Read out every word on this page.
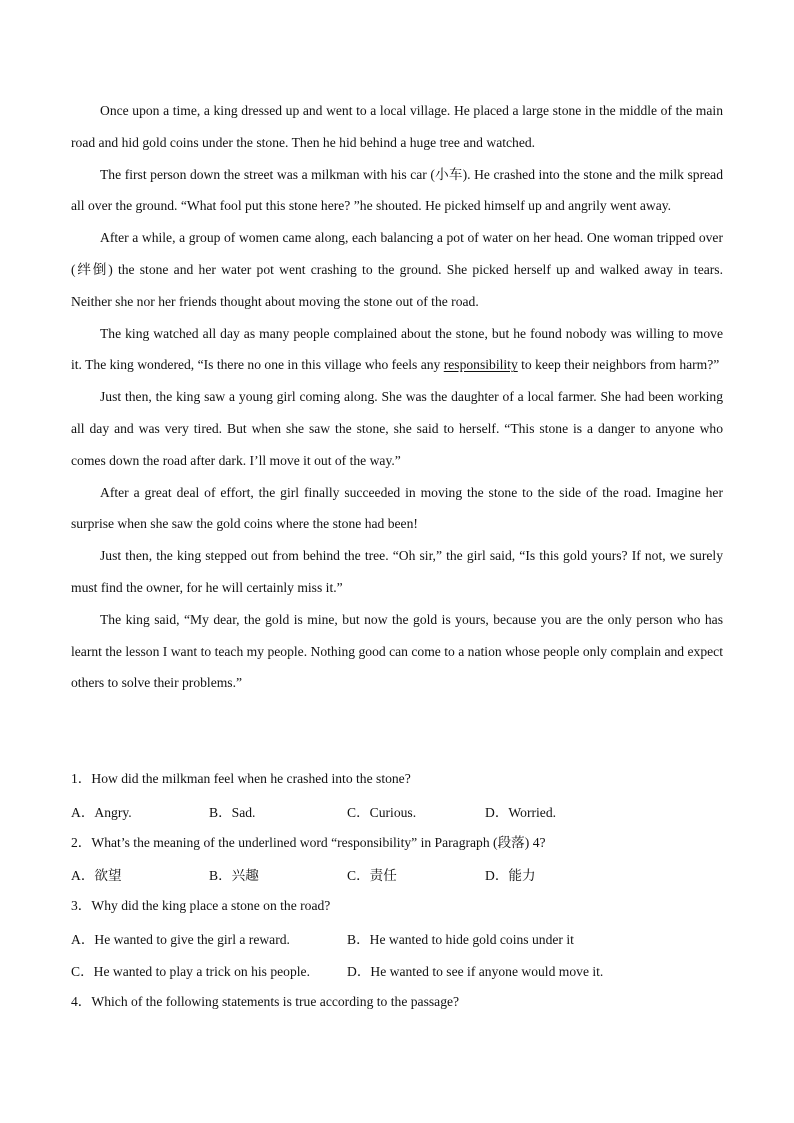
Once upon a time, a king dressed up and went to a local village. He placed a large stone in the middle of the main road and hid gold coins under the stone. Then he hid behind a huge tree and watched.

The first person down the street was a milkman with his car (小车). He crashed into the stone and the milk spread all over the ground. “What fool put this stone here? ”he shouted. He picked himself up and angrily went away.

After a while, a group of women came along, each balancing a pot of water on her head. One woman tripped over (绊倒) the stone and her water pot went crashing to the ground. She picked herself up and walked away in tears. Neither she nor her friends thought about moving the stone out of the road.

The king watched all day as many people complained about the stone, but he found nobody was willing to move it. The king wondered, “Is there no one in this village who feels any responsibility to keep their neighbors from harm?”

Just then, the king saw a young girl coming along. She was the daughter of a local farmer. She had been working all day and was very tired. But when she saw the stone, she said to herself. “This stone is a danger to anyone who comes down the road after dark. I’ll move it out of the way.”

After a great deal of effort, the girl finally succeeded in moving the stone to the side of the road. Imagine her surprise when she saw the gold coins where the stone had been!

Just then, the king stepped out from behind the tree. “Oh sir,” the girl said, “Is this gold yours? If not, we surely must find the owner, for he will certainly miss it.”

The king said, “My dear, the gold is mine, but now the gold is yours, because you are the only person who has learnt the lesson I want to teach my people. Nothing good can come to a nation whose people only complain and expect others to solve their problems.”

1．How did the milkman feel when he crashed into the stone?

A．Angry.	B．Sad.	C．Curious.	D．Worried.

2．What’s the meaning of the underlined word “responsibility” in Paragraph (段落) 4?

A．欲望	B．兴趣	C．责任	D．能力

3．Why did the king place a stone on the road?

A．He wanted to give the girl a reward.	B．He wanted to hide gold coins under it
C．He wanted to play a trick on his people.	D．He wanted to see if anyone would move it.

4．Which of the following statements is true according to the passage?
